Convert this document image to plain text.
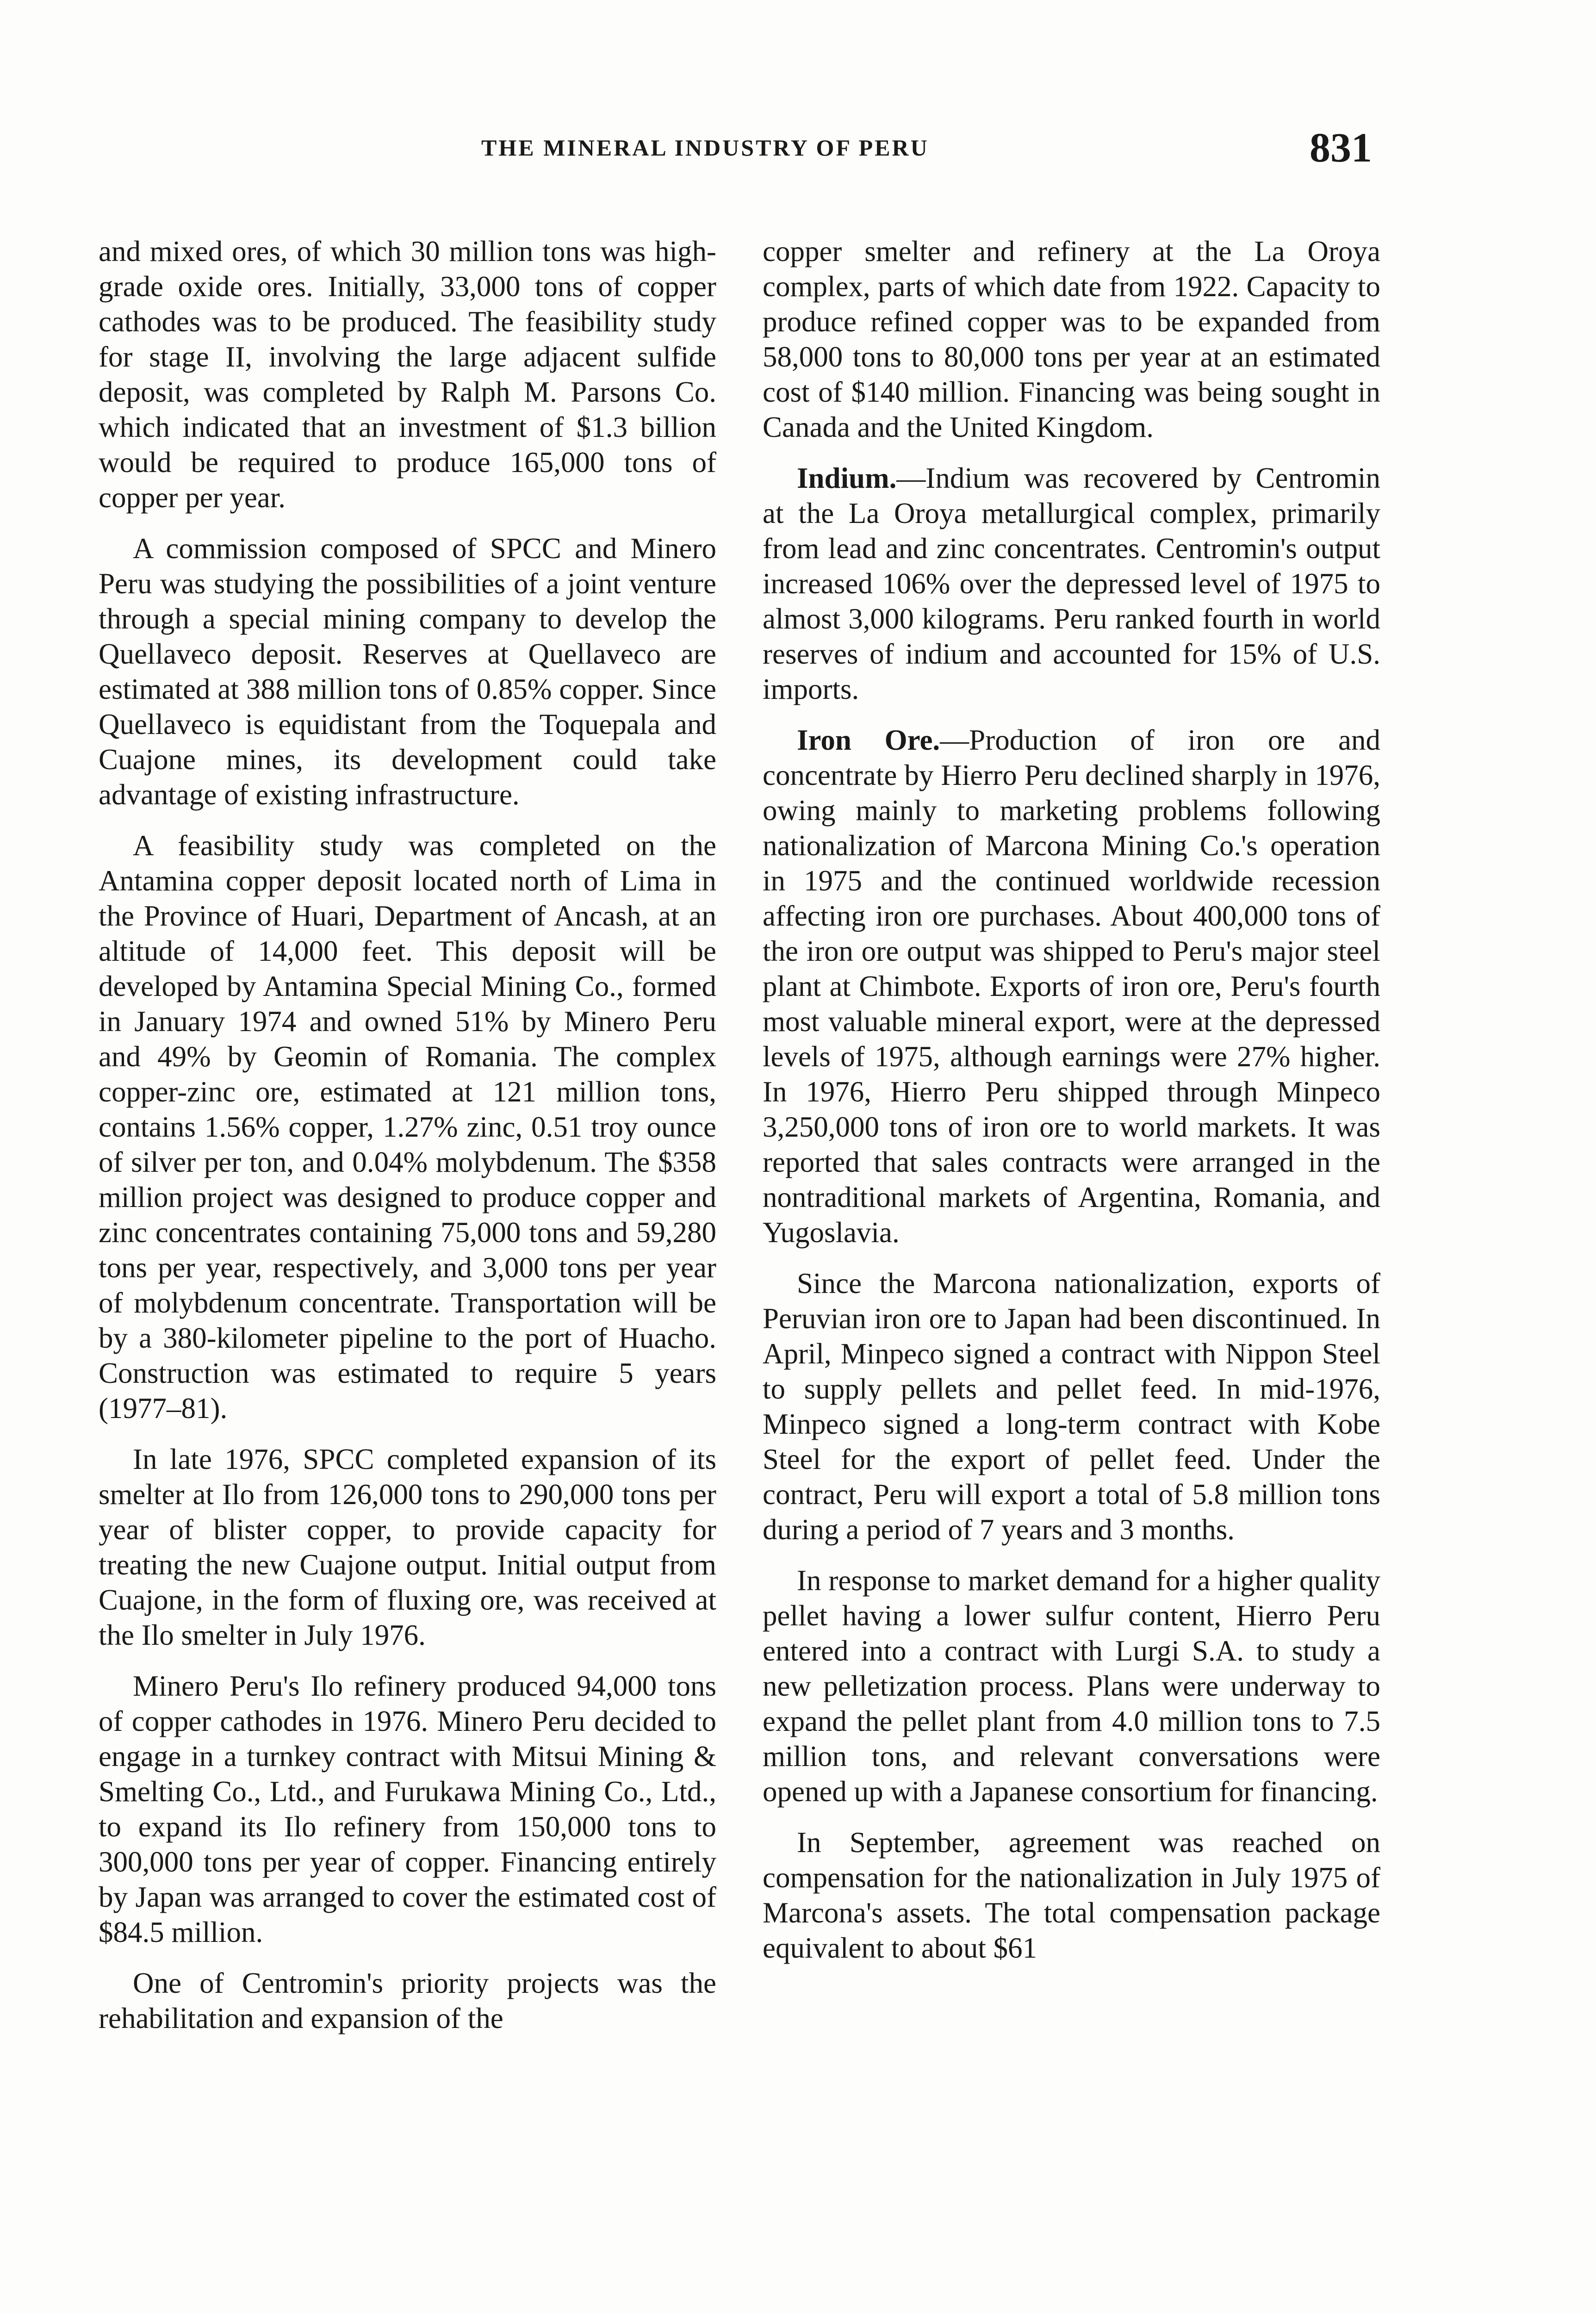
THE MINERAL INDUSTRY OF PERU	831

and mixed ores, of which 30 million tons was high-grade oxide ores. Initially, 33,000 tons of copper cathodes was to be produced. The feasibility study for stage II, involving the large adjacent sulfide deposit, was completed by Ralph M. Parsons Co. which indicated that an investment of $1.3 billion would be required to produce 165,000 tons of copper per year.

A commission composed of SPCC and Minero Peru was studying the possibilities of a joint venture through a special mining company to develop the Quellaveco deposit. Reserves at Quellaveco are estimated at 388 million tons of 0.85% copper. Since Quellaveco is equidistant from the Toquepala and Cuajone mines, its development could take advantage of existing infrastructure.

A feasibility study was completed on the Antamina copper deposit located north of Lima in the Province of Huari, Department of Ancash, at an altitude of 14,000 feet. This deposit will be developed by Antamina Special Mining Co., formed in January 1974 and owned 51% by Minero Peru and 49% by Geomin of Romania. The complex copper-zinc ore, estimated at 121 million tons, contains 1.56% copper, 1.27% zinc, 0.51 troy ounce of silver per ton, and 0.04% molybdenum. The $358 million project was designed to produce copper and zinc concentrates containing 75,000 tons and 59,280 tons per year, respectively, and 3,000 tons per year of molybdenum concentrate. Transportation will be by a 380-kilometer pipeline to the port of Huacho. Construction was estimated to require 5 years (1977–81).

In late 1976, SPCC completed expansion of its smelter at Ilo from 126,000 tons to 290,000 tons per year of blister copper, to provide capacity for treating the new Cuajone output. Initial output from Cuajone, in the form of fluxing ore, was received at the Ilo smelter in July 1976.

Minero Peru's Ilo refinery produced 94,000 tons of copper cathodes in 1976. Minero Peru decided to engage in a turnkey contract with Mitsui Mining & Smelting Co., Ltd., and Furukawa Mining Co., Ltd., to expand its Ilo refinery from 150,000 tons to 300,000 tons per year of copper. Financing entirely by Japan was arranged to cover the estimated cost of $84.5 million.

One of Centromin's priority projects was the rehabilitation and expansion of the

copper smelter and refinery at the La Oroya complex, parts of which date from 1922. Capacity to produce refined copper was to be expanded from 58,000 tons to 80,000 tons per year at an estimated cost of $140 million. Financing was being sought in Canada and the United Kingdom.

Indium.—Indium was recovered by Centromin at the La Oroya metallurgical complex, primarily from lead and zinc concentrates. Centromin's output increased 106% over the depressed level of 1975 to almost 3,000 kilograms. Peru ranked fourth in world reserves of indium and accounted for 15% of U.S. imports.

Iron Ore.—Production of iron ore and concentrate by Hierro Peru declined sharply in 1976, owing mainly to marketing problems following nationalization of Marcona Mining Co.'s operation in 1975 and the continued worldwide recession affecting iron ore purchases. About 400,000 tons of the iron ore output was shipped to Peru's major steel plant at Chimbote. Exports of iron ore, Peru's fourth most valuable mineral export, were at the depressed levels of 1975, although earnings were 27% higher. In 1976, Hierro Peru shipped through Minpeco 3,250,000 tons of iron ore to world markets. It was reported that sales contracts were arranged in the nontraditional markets of Argentina, Romania, and Yugoslavia.

Since the Marcona nationalization, exports of Peruvian iron ore to Japan had been discontinued. In April, Minpeco signed a contract with Nippon Steel to supply pellets and pellet feed. In mid-1976, Minpeco signed a long-term contract with Kobe Steel for the export of pellet feed. Under the contract, Peru will export a total of 5.8 million tons during a period of 7 years and 3 months.

In response to market demand for a higher quality pellet having a lower sulfur content, Hierro Peru entered into a contract with Lurgi S.A. to study a new pelletization process. Plans were underway to expand the pellet plant from 4.0 million tons to 7.5 million tons, and relevant conversations were opened up with a Japanese consortium for financing.

In September, agreement was reached on compensation for the nationalization in July 1975 of Marcona's assets. The total compensation package equivalent to about $61
